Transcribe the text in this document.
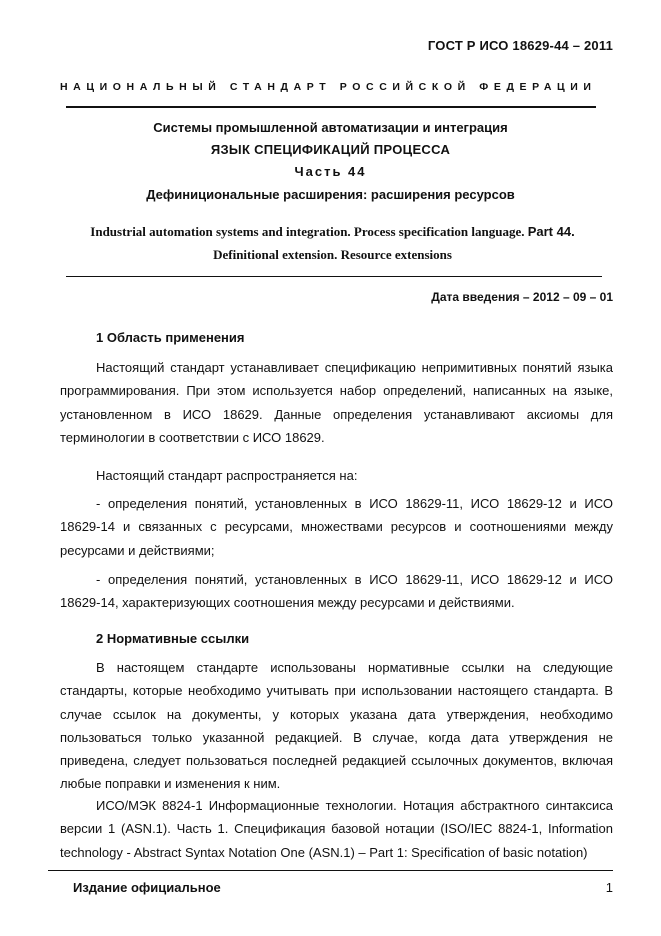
ГОСТ Р ИСО 18629-44 – 2011
НАЦИОНАЛЬНЫЙ СТАНДАРТ РОССИЙСКОЙ ФЕДЕРАЦИИ
Системы промышленной автоматизации и интеграция
ЯЗЫК СПЕЦИФИКАЦИЙ ПРОЦЕССА
Часть 44
Дефинициональные расширения: расширения ресурсов
Industrial automation systems and integration. Process specification language. Part 44.
Definitional extension. Resource extensions
Дата введения – 2012 – 09 – 01
1 Область применения
Настоящий стандарт устанавливает спецификацию непримитивных понятий языка программирования. При этом используется набор определений, написанных на языке, установленном в ИСО 18629. Данные определения устанавливают аксиомы для терминологии в соответствии с ИСО 18629.
Настоящий стандарт распространяется на:
- определения понятий, установленных в ИСО 18629-11, ИСО 18629-12 и ИСО 18629-14 и связанных с ресурсами, множествами ресурсов и соотношениями между ресурсами и действиями;
- определения понятий, установленных в ИСО 18629-11, ИСО 18629-12 и ИСО 18629-14, характеризующих соотношения между ресурсами и действиями.
2 Нормативные ссылки
В настоящем стандарте использованы нормативные ссылки на следующие стандарты, которые необходимо учитывать при использовании настоящего стандарта. В случае ссылок на документы, у которых указана дата утверждения, необходимо пользоваться только указанной редакцией. В случае, когда дата утверждения не приведена, следует пользоваться последней редакцией ссылочных документов, включая любые поправки и изменения к ним.
ИСО/МЭК 8824-1 Информационные технологии. Нотация абстрактного синтаксиса версии 1 (ASN.1). Часть 1. Спецификация базовой нотации (ISO/IEC 8824-1, Information technology - Abstract Syntax Notation One (ASN.1) – Part 1: Specification of basic notation)
Издание официальное	1
